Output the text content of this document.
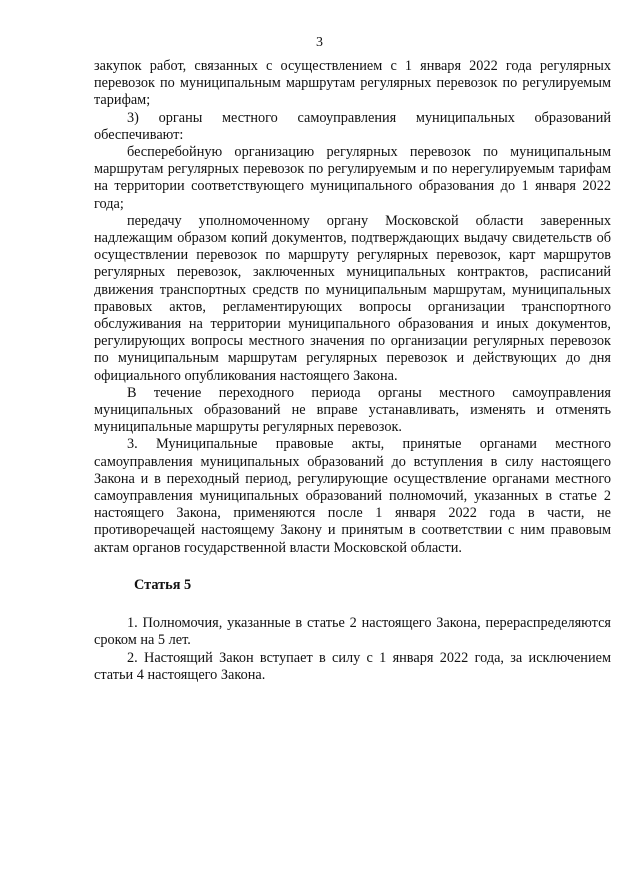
3

закупок работ, связанных с осуществлением с 1 января 2022 года регулярных перевозок по муниципальным маршрутам регулярных перевозок по регулируемым тарифам;

3) органы местного самоуправления муниципальных образований обеспечивают:

бесперебойную организацию регулярных перевозок по муниципальным маршрутам регулярных перевозок по регулируемым и по нерегулируемым тарифам на территории соответствующего муниципального образования до 1 января 2022 года;

передачу уполномоченному органу Московской области заверенных надлежащим образом копий документов, подтверждающих выдачу свидетельств об осуществлении перевозок по маршруту регулярных перевозок, карт маршрутов регулярных перевозок, заключенных муниципальных контрактов, расписаний движения транспортных средств по муниципальным маршрутам, муниципальных правовых актов, регламентирующих вопросы организации транспортного обслуживания на территории муниципального образования и иных документов, регулирующих вопросы местного значения по организации регулярных перевозок по муниципальным маршрутам регулярных перевозок и действующих до дня официального опубликования настоящего Закона.

В течение переходного периода органы местного самоуправления муниципальных образований не вправе устанавливать, изменять и отменять муниципальные маршруты регулярных перевозок.

3. Муниципальные правовые акты, принятые органами местного самоуправления муниципальных образований до вступления в силу настоящего Закона и в переходный период, регулирующие осуществление органами местного самоуправления муниципальных образований полномочий, указанных в статье 2 настоящего Закона, применяются после 1 января 2022 года в части, не противоречащей настоящему Закону и принятым в соответствии с ним правовым актам органов государственной власти Московской области.

Статья 5

1. Полномочия, указанные в статье 2 настоящего Закона, перераспределяются сроком на 5 лет.

2. Настоящий Закон вступает в силу с 1 января 2022 года, за исключением статьи 4 настоящего Закона.
